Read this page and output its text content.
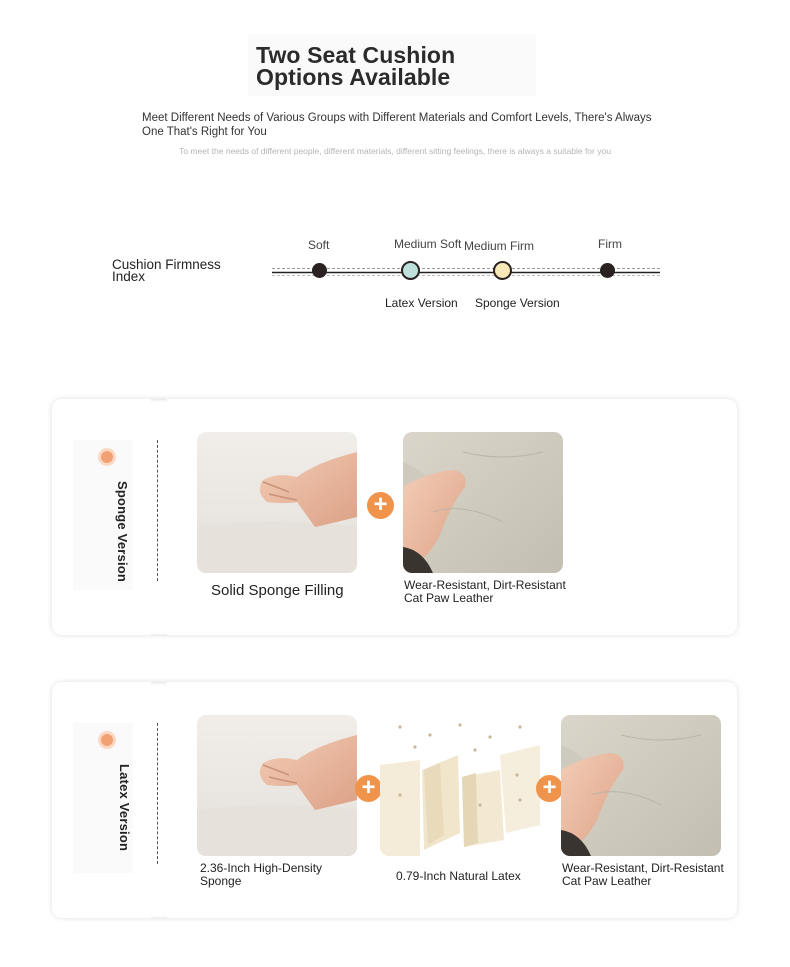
Two Seat Cushion
Options Available
Meet Different Needs of Various Groups with Different Materials and Comfort Levels, There's Always One That's Right for You
To meet the needs of different people, different materials, different sitting feelings, there is always a suitable for you
Cushion Firmness Index
Soft	Medium Soft Medium Firm	Firm
Latex Version Sponge Version
Sponge Version	+
Solid Sponge Filling	Wear-Resistant, Dirt-Resistant Cat Paw Leather
Latex Version	+	+
2.36-Inch High-Density Sponge	0.79-Inch Natural Latex
Wear-Resistant, Dirt-Resistant Cat Paw Leather
